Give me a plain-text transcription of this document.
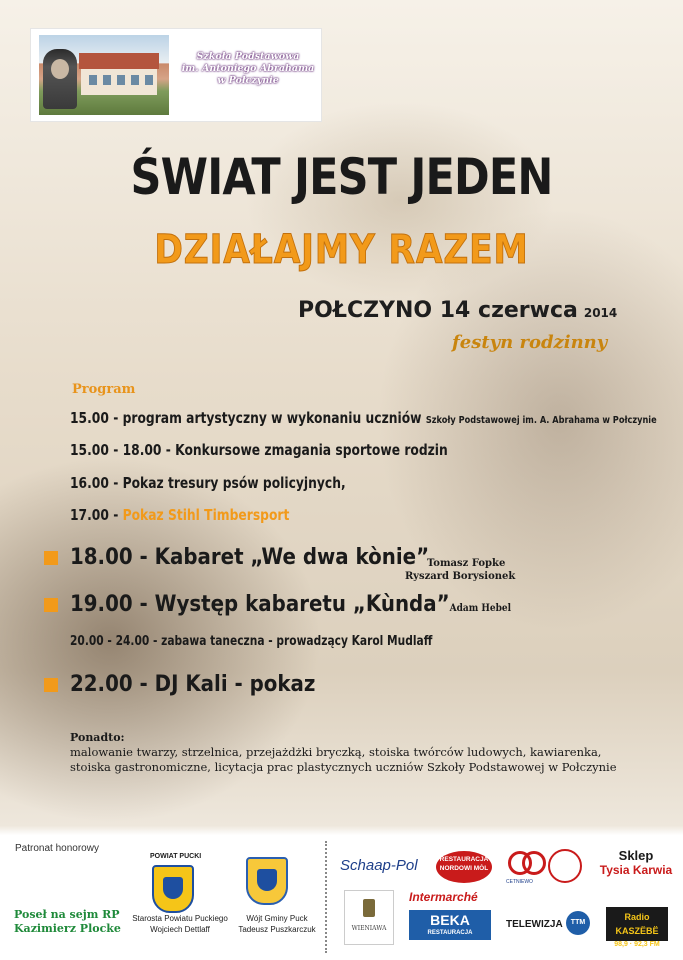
Szkoła Podstawowa
im. Antoniego Abrahama
w Połczynie
ŚWIAT JEST JEDEN
DZIAŁAJMY RAZEM
POŁCZYNO 14 czerwca 2014
festyn rodzinny
Program
15.00 - program artystyczny w wykonaniu uczniów Szkoły Podstawowej im. A. Abrahama w Połczynie
15.00 - 18.00 - Konkursowe zmagania sportowe rodzin
16.00 - Pokaz tresury psów policyjnych,
17.00 - Pokaz Stihl Timbersport
18.00 - Kabaret „We dwa kònie”
Tomasz Fopke
Ryszard Borysionek
19.00 - Występ kabaretu „Kùnda”Adam Hebel
20.00 - 24.00 - zabawa taneczna - prowadzący Karol Mudlaff
22.00 - DJ Kali - pokaz
Ponadto:
malowanie twarzy, strzelnica, przejażdżki bryczką, stoiska twórców ludowych, kawiarenka,
stoiska gastronomiczne, licytacja prac plastycznych uczniów Szkoły Podstawowej w Połczynie
Patronat honorowy
Poseł na sejm RP
Kazimierz Plocke
POWIAT PUCKI
Starosta Powiatu Puckiego
Wojciech Dettlaff
Wójt Gminy Puck
Tadeusz Puszkarczuk
Schaap-Pol	RESTAURACJA
NORDOWI MÒL
CETNIEWO
Sklep
Tysia Karwia
WIENIAWA
Intermarché
BEKA
RESTAURACJA
TELEWIZJA	TTM
Radio KASZËBË
98,9 · 92,3 FM
